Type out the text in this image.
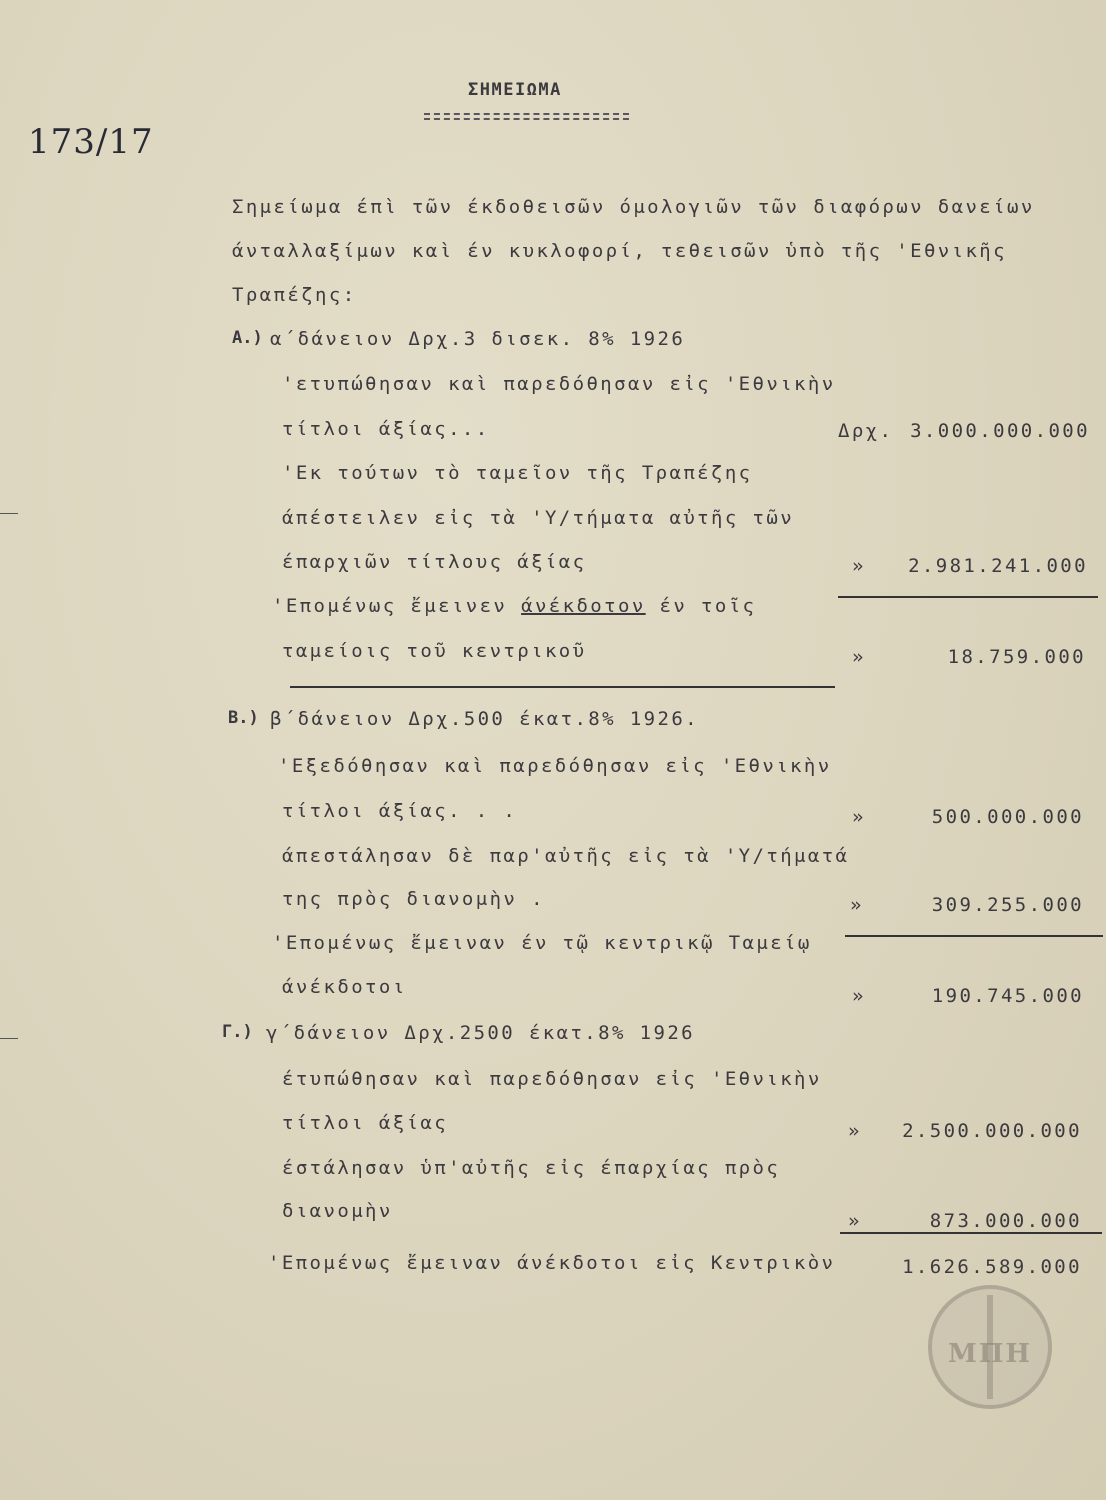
ΣΗΜΕΙΩΜΑ
173/17
Σημείωμα έπὶ τῶν έκδοθεισῶν όμολογιῶν τῶν διαφόρων δανείων
άνταλλαξίμων καὶ έν κυκλοφορί, τεθεισῶν ὑπὸ τῆς 'Εθνικῆς
Τραπέζης:
Α.) α΄δάνειον Δρχ.3 δισεκ. 8% 1926
'ετυπώθησαν καὶ παρεδόθησαν εἰς 'Εθνικὴν
τίτλοι άξίας...	Δρχ. 3.000.000.000
'Εκ τούτων τὸ ταμεῖον τῆς Τραπέζης
άπέστειλεν εἰς τὰ 'Υ/τήματα αὐτῆς τῶν
έπαρχιῶν τίτλους άξίας	» 2.981.241.000
'Επομένως ἔμεινεν άνέκδοτον έν τοῖς
ταμείοις τοῦ κεντρικοῦ	»	18.759.000
Β.) β΄δάνειον Δρχ.500 έκατ.8% 1926.
'Εξεδόθησαν καὶ παρεδόθησαν εἰς 'Εθνικὴν
τίτλοι άξίας. . .	»	500.000.000
άπεστάλησαν δὲ παρ'αὐτῆς εἰς τὰ 'Υ/τήματά
της πρὸς διανομὴν .	»	309.255.000
'Επομένως ἔμειναν έν τῷ κεντρικῷ Ταμείῳ
άνέκδοτοι	»	190.745.000
Γ.) γ΄δάνειον Δρχ.2500 έκατ.8% 1926
έτυπώθησαν καὶ παρεδόθησαν εἰς 'Εθνικὴν
τίτλοι άξίας	» 2.500.000.000
έστάλησαν ὑπ'αὐτῆς εἰς έπαρχίας πρὸς
διανομὴν	»	873.000.000
'Επομένως ἔμειναν άνέκδοτοι εἰς Κεντρικὸν	1.626.589.000
ΜΠΗ
